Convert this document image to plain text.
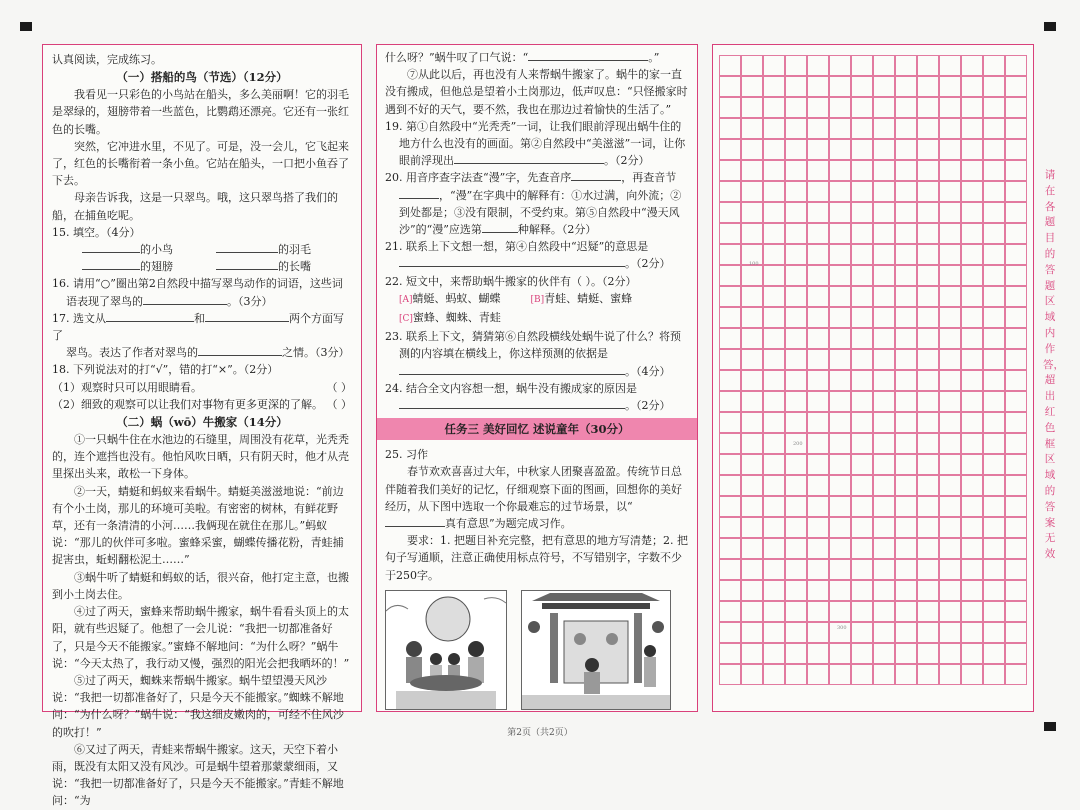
认真阅读，完成练习。

（一）搭船的鸟（节选）（12分）

我看见一只彩色的小鸟站在船头，多么美丽啊！它的羽毛是翠绿的，翅膀带着一些蓝色，比鹦鹉还漂亮。它还有一张红色的长嘴。

突然，它冲进水里，不见了。可是，没一会儿，它飞起来了，红色的长嘴衔着一条小鱼。它站在船头，一口把小鱼吞了下去。

母亲告诉我，这是一只翠鸟。哦，这只翠鸟搭了我们的船，在捕鱼吃呢。

15. 填空。（4分）

的小鸟	的羽毛
的翅膀	的长嘴

16. 请用“○”圈出第2自然段中描写翠鸟动作的词语，这些词
语表现了翠鸟的	。（3分）

17. 选文从	和	两个方面写了
翠鸟。表达了作者对翠鸟的	之情。（3分）

18. 下列说法对的打“√”，错的打“×”。（2分）

（1）观察时只可以用眼睛看。	（ ）
（2）细致的观察可以让我们对事物有更多更深的了解。 （ ）

（二）蜗（wō）牛搬家（14分）

①一只蜗牛住在水池边的石缝里，周围没有花草，光秃秃的，连个遮挡也没有。他怕风吹日晒，只有阴天时，他才从壳里探出头来，敢松一下身体。

②一天，蜻蜓和蚂蚁来看蜗牛。蜻蜓美滋滋地说：“前边有个小土岗，那儿的环境可美啦。有密密的树林，有鲜花野草，还有一条清清的小河……我俩现在就住在那儿。”蚂蚁说：“那儿的伙伴可多啦。蜜蜂采蜜，蝴蝶传播花粉，青蛙捕捉害虫，蚯蚓翻松泥土……”

③蜗牛听了蜻蜓和蚂蚁的话，很兴奋，他打定主意，也搬到小土岗去住。

④过了两天，蜜蜂来帮助蜗牛搬家，蜗牛看看头顶上的太阳，就有些迟疑了。他想了一会儿说：“我把一切都准备好了，只是今天不能搬家。”蜜蜂不解地问：“为什么呀？”蜗牛说：“今天太热了，我行动又慢，强烈的阳光会把我晒坏的！”

⑤过了两天，蜘蛛来帮蜗牛搬家。蜗牛望望漫天风沙说：“我把一切都准备好了，只是今天不能搬家。”蜘蛛不解地问：“为什么呀？”蜗牛说：“我这细皮嫩肉的，可经不住风沙的吹打！”

⑥又过了两天，青蛙来帮蜗牛搬家。这天，天空下着小雨，既没有太阳又没有风沙。可是蜗牛望着那蒙蒙细雨，又说：“我把一切都准备好了，只是今天不能搬家。”青蛙不解地问：“为

什么呀？”蜗牛叹了口气说：“	。”

⑦从此以后，再也没有人来帮蜗牛搬家了。蜗牛的家一直没有搬成，但他总是望着小土岗那边，低声叹息：“只怪搬家时遇到不好的天气，要不然，我也在那边过着愉快的生活了。”

19. 第①自然段中“光秃秃”一词，让我们眼前浮现出蜗牛住的地方什么也没有的画面。第②自然段中“美滋滋”一词，让你眼前浮现出	。（2分）

20. 用音序查字法查“漫”字，先查音序	，再查音节，“漫”在字典中的解释有：①水过满，向外流；②到处都是；③没有限制，不受约束。第⑤自然段中“漫天风沙”的“漫”应选第	种解释。（2分）

21. 联系上下文想一想，第④自然段中“迟疑”的意思是
。（2分）

22. 短文中，来帮助蜗牛搬家的伙伴有（ ）。（2分）

[A]蜻蜓、蚂蚁、蝴蝶	[B]青蛙、蜻蜓、蜜蜂
[C]蜜蜂、蜘蛛、青蛙

23. 联系上下文，猜猜第⑥自然段横线处蜗牛说了什么？将预测的内容填在横线上，你这样预测的依据是
。（4分）

24. 结合全文内容想一想，蜗牛没有搬成家的原因是
。（2分）

任务三 美好回忆 述说童年（30分）

25. 习作

春节欢欢喜喜过大年，中秋家人团聚喜盈盈。传统节日总伴随着我们美好的记忆，仔细观察下面的图画，回想你的美好经历，从下图中选取一个你最难忘的过节场景，以“真有意思”为题完成习作。

要求：1. 把题目补充完整，把有意思的地方写清楚；2. 把句子写通顺，注意正确使用标点符号，不写错别字，字数不少于250字。

100
200
300
请在各题目的答题区域内作答，超出红色框区域的答案无效
第2页（共2页）
